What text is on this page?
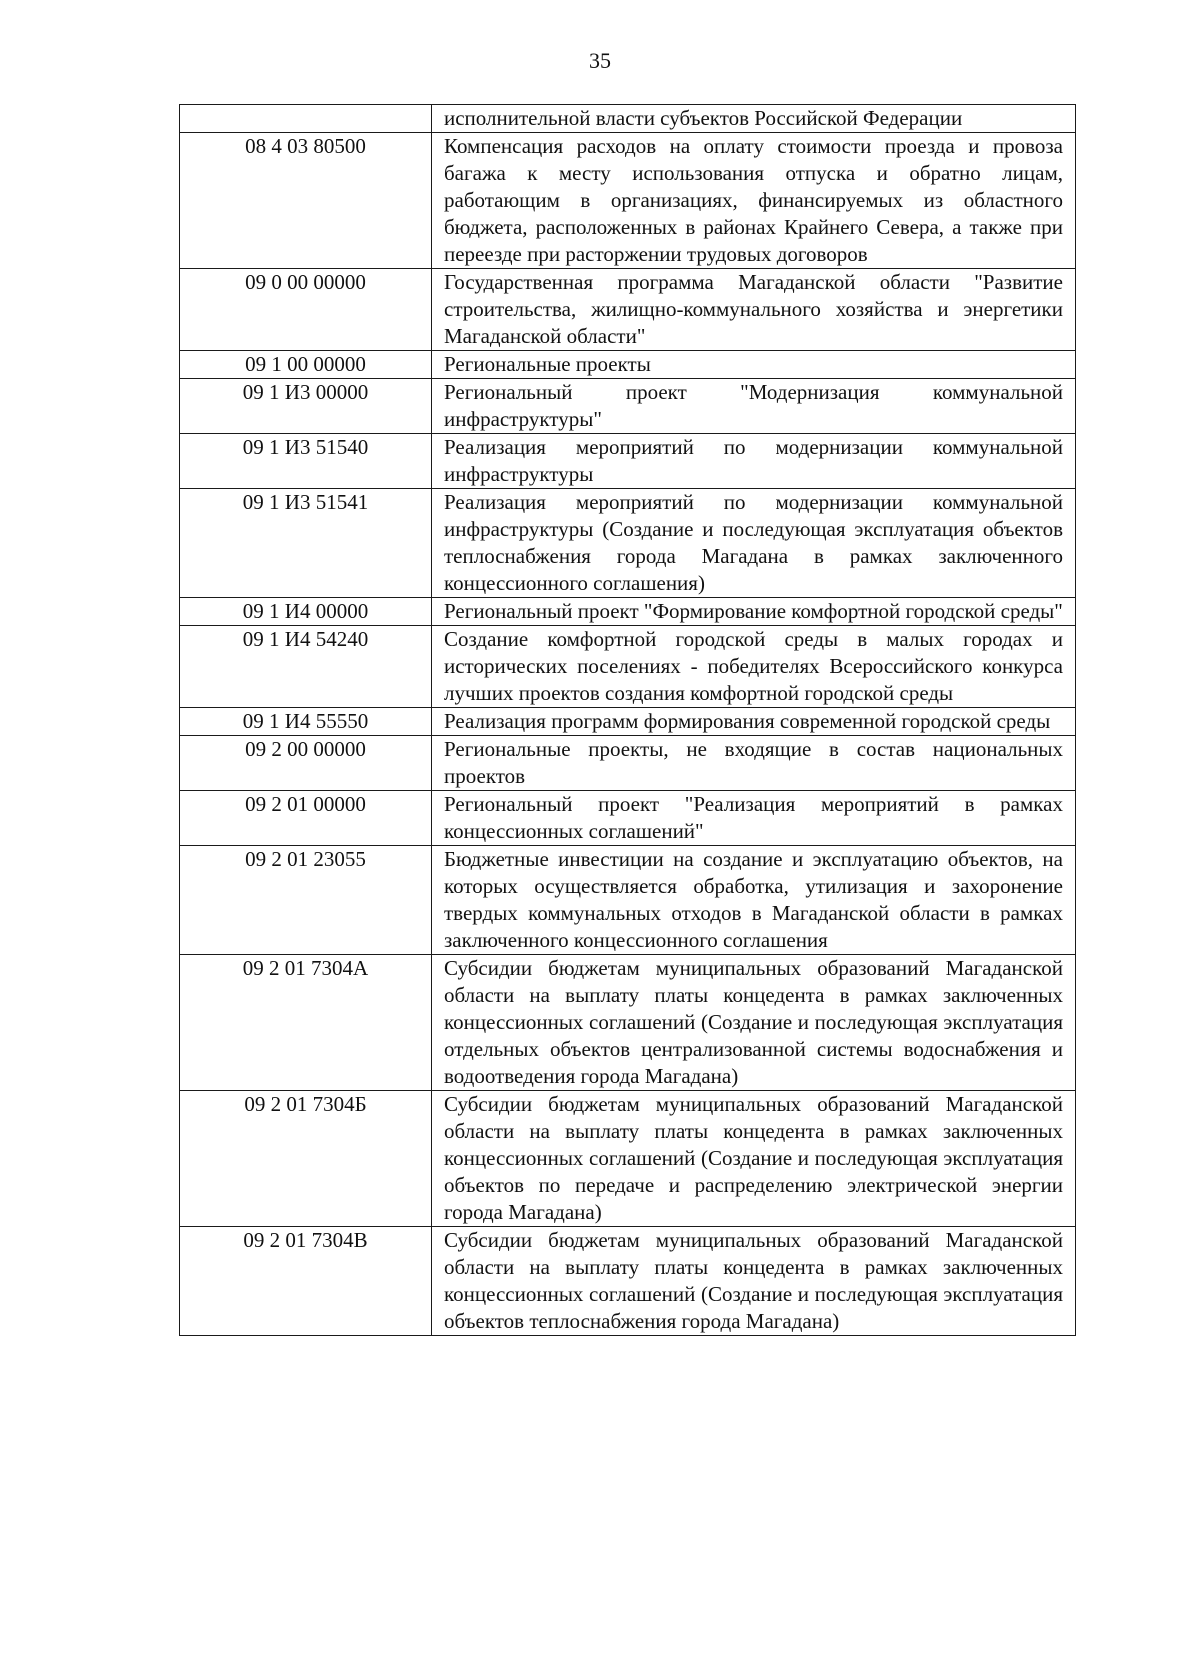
35
	исполнительной власти субъектов Российской Федерации
08 4 03 80500	Компенсация расходов на оплату стоимости проезда и провоза багажа к месту использования отпуска и обратно лицам, работающим в организациях, финансируемых из областного бюджета, расположенных в районах Крайнего Севера, а также при переезде при расторжении трудовых договоров
09 0 00 00000	Государственная программа Магаданской области "Развитие строительства, жилищно-коммунального хозяйства и энергетики Магаданской области"
09 1 00 00000	Региональные проекты
09 1 И3 00000	Региональный проект "Модернизация коммунальной инфраструктуры"
09 1 И3 51540	Реализация мероприятий по модернизации коммунальной инфраструктуры
09 1 И3 51541	Реализация мероприятий по модернизации коммунальной инфраструктуры (Создание и последующая эксплуатация объектов теплоснабжения города Магадана в рамках заключенного концессионного соглашения)
09 1 И4 00000	Региональный проект "Формирование комфортной городской среды"
09 1 И4 54240	Создание комфортной городской среды в малых городах и исторических поселениях - победителях Всероссийского конкурса лучших проектов создания комфортной городской среды
09 1 И4 55550	Реализация программ формирования современной городской среды
09 2 00 00000	Региональные проекты, не входящие в состав национальных проектов
09 2 01 00000	Региональный проект "Реализация мероприятий в рамках концессионных соглашений"
09 2 01 23055	Бюджетные инвестиции на создание и эксплуатацию объектов, на которых осуществляется обработка, утилизация и захоронение твердых коммунальных отходов в Магаданской области в рамках заключенного концессионного соглашения
09 2 01 7304А	Субсидии бюджетам муниципальных образований Магаданской области на выплату платы концедента в рамках заключенных концессионных соглашений (Создание и последующая эксплуатация отдельных объектов централизованной системы водоснабжения и водоотведения города Магадана)
09 2 01 7304Б	Субсидии бюджетам муниципальных образований Магаданской области на выплату платы концедента в рамках заключенных концессионных соглашений (Создание и последующая эксплуатация объектов по передаче и распределению электрической энергии города Магадана)
09 2 01 7304В	Субсидии бюджетам муниципальных образований Магаданской области на выплату платы концедента в рамках заключенных концессионных соглашений (Создание и последующая эксплуатация объектов теплоснабжения города Магадана)
